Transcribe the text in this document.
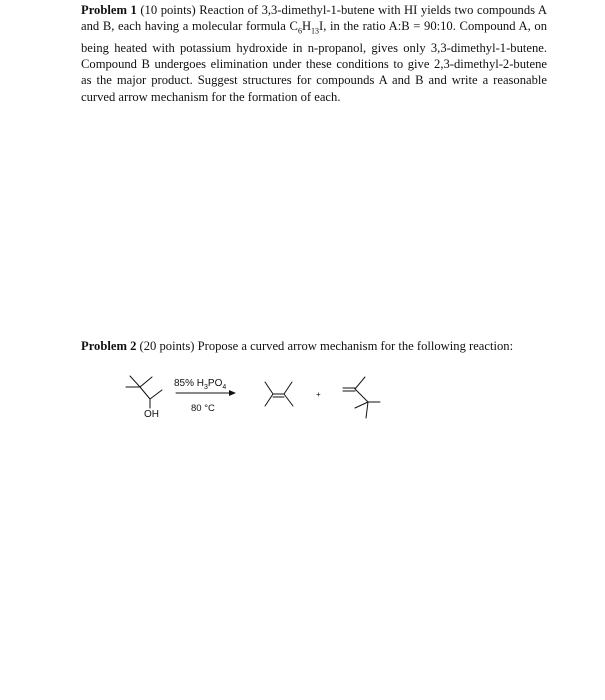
Problem 1 (10 points) Reaction of 3,3-dimethyl-1-butene with HI yields two compounds A and B, each having a molecular formula $C_6H_{13}I$, in the ratio A:B = 90:10. Compound A, on being heated with potassium hydroxide in n-propanol, gives only 3,3-dimethyl-1-butene. Compound B undergoes elimination under these conditions to give 2,3-dimethyl-2-butene as the major product. Suggest structures for compounds A and B and write a reasonable curved arrow mechanism for the formation of each.
Problem 2 (20 points) Propose a curved arrow mechanism for the following reaction:
OH
85% $H_3PO_4$
80 °C
+
